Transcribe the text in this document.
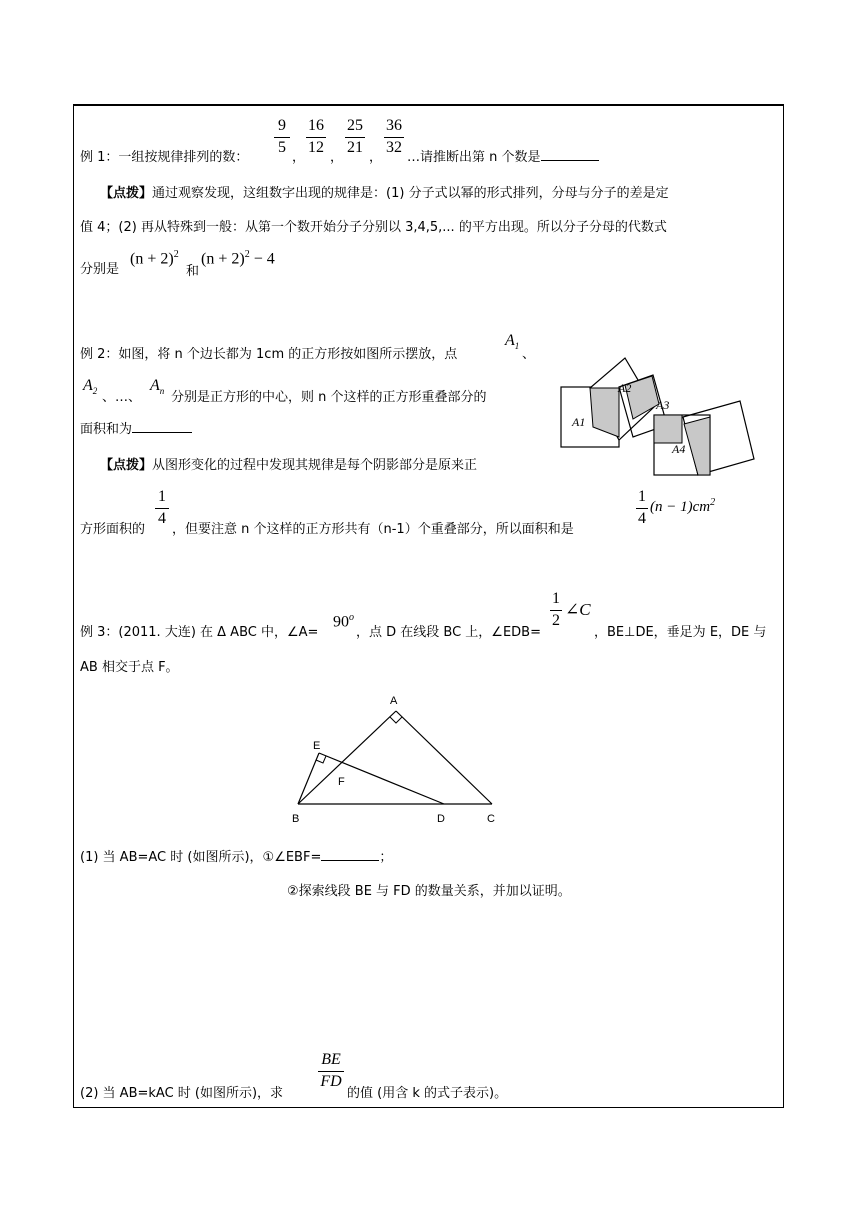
9
5
16
12
25
21
36
32
例 1：一组按规律排列的数：	， ， ， …请推断出第 n 个数是
【点拨】通过观察发现，这组数字出现的规律是：(1) 分子式以幂的形式排列，分母与分子的差是定
值 4；(2) 再从特殊到一般：从第一个数开始分子分别以 3,4,5,... 的平方出现。所以分子分母的代数式
分别是
$(n + 2)^2$
和
$(n + 2)^2 - 4$
例 2：如图，将 n 个边长都为 1cm 的正方形按如图所示摆放，点
$A_1$
、
$A_2$ 、…、
$A_n$ 分别是正方形的中心，则 n 个这样的正方形重叠部分的
面积和为
【点拨】从图形变化的过程中发现其规律是每个阴影部分是原来正
1
4
方形面积的 ，但要注意 n 个这样的正方形共有（n-1）个重叠部分，所以面积和是
1
4
$(n - 1)cm^2$
A1
A2
A3
A4
例 3：(2011. 大连) 在 Δ ABC 中，∠A=
$90^o$
，点 D 在线段 BC 上，∠EDB=
1
2
∠C
，BE⊥DE，垂足为 E，DE 与
AB 相交于点 F。
A
B	C
D
E
F
(1) 当 AB=AC 时 (如图所示)，①∠EBF=	；
②探索线段 BE 与 FD 的数量关系，并加以证明。
BE
FD
(2) 当 AB=kAC 时 (如图所示)，求	的值 (用含 k 的式子表示)。
